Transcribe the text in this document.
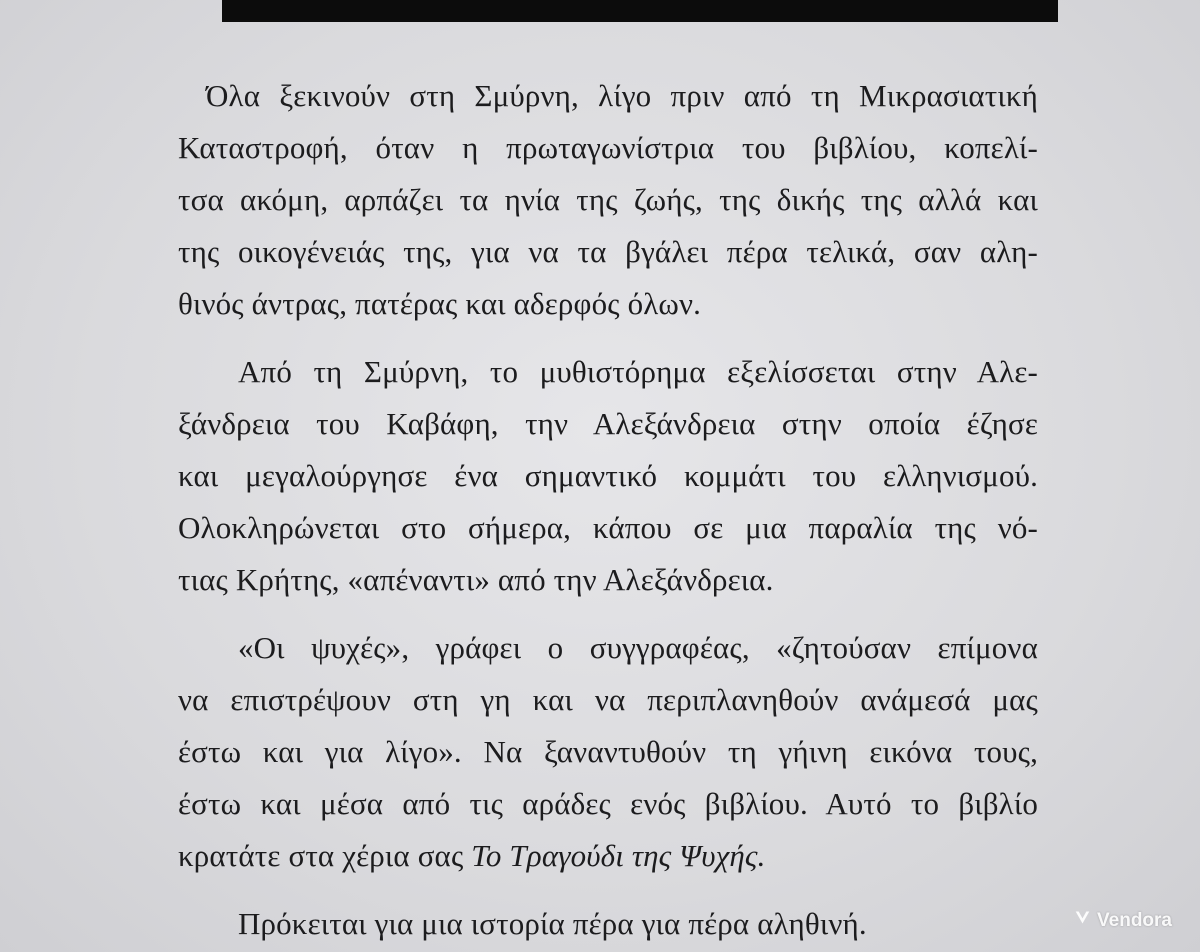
Όλα ξεκινούν στη Σμύρνη, λίγο πριν από τη Μικρασιατική
Καταστροφή, όταν η πρωταγωνίστρια του βιβλίου, κοπελί-
τσα ακόμη, αρπάζει τα ηνία της ζωής, της δικής της αλλά και
της οικογένειάς της, για να τα βγάλει πέρα τελικά, σαν αλη-
θινός άντρας, πατέρας και αδερφός όλων.
Από τη Σμύρνη, το μυθιστόρημα εξελίσσεται στην Αλε-
ξάνδρεια του Καβάφη, την Αλεξάνδρεια στην οποία έζησε
και μεγαλούργησε ένα σημαντικό κομμάτι του ελληνισμού.
Ολοκληρώνεται στο σήμερα, κάπου σε μια παραλία της νό-
τιας Κρήτης, «απέναντι» από την Αλεξάνδρεια.
«Οι ψυχές», γράφει ο συγγραφέας, «ζητούσαν επίμονα
να επιστρέψουν στη γη και να περιπλανηθούν ανάμεσά μας
έστω και για λίγο». Να ξαναντυθούν τη γήινη εικόνα τους,
έστω και μέσα από τις αράδες ενός βιβλίου. Αυτό το βιβλίο
κρατάτε στα χέρια σας Το Τραγούδι της Ψυχής.
Πρόκειται για μια ιστορία πέρα για πέρα αληθινή.	Vendora
